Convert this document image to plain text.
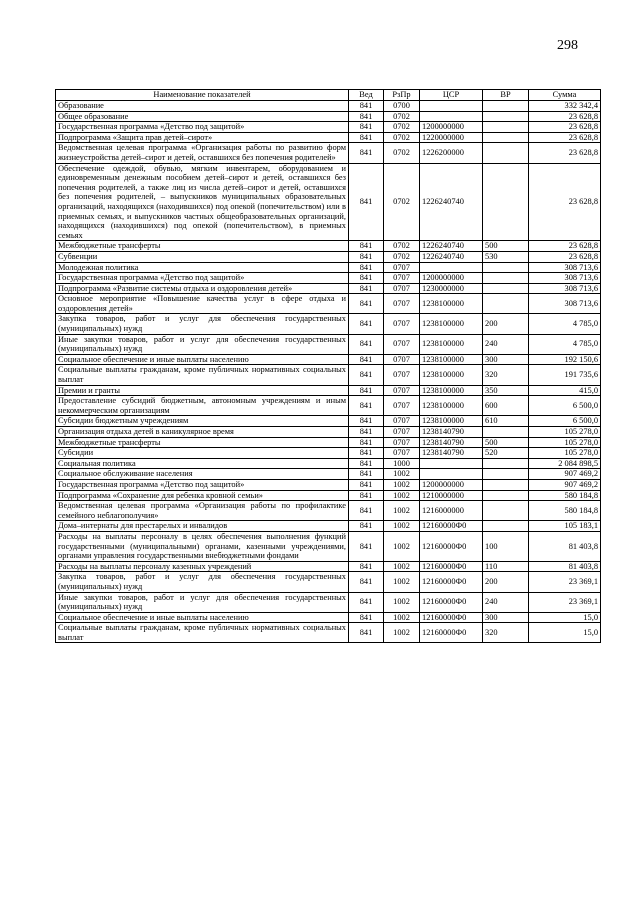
298
Наименование показателей	Вед	РзПр	ЦСР	ВР	Сумма
Образование	841	0700			332 342,4
Общее образование	841	0702			23 628,8
Государственная программа «Детство под защитой»	841	0702	1200000000		23 628,8
Подпрограмма «Защита прав детей–сирот»	841	0702	1220000000		23 628,8
Ведомственная целевая программа «Организация работы по развитию форм жизнеустройства детей–сирот и детей, оставшихся без попечения родителей»	841	0702	1226200000		23 628,8
Обеспечение одеждой, обувью, мягким инвентарем, оборудованием и единовременным денежным пособием детей–сирот и детей, оставшихся без попечения родителей, а также лиц из числа детей–сирот и детей, оставшихся без попечения родителей, – выпускников муниципальных образовательных организаций, находящихся (находившихся) под опекой (попечительством) или в приемных семьях, и выпускников частных общеобразовательных организаций, находящихся (находившихся) под опекой (попечительством), в приемных семьях	841	0702	1226240740		23 628,8
Межбюджетные трансферты	841	0702	1226240740	500	23 628,8
Субвенции	841	0702	1226240740	530	23 628,8
Молодежная политика	841	0707			308 713,6
Государственная программа «Детство под защитой»	841	0707	1200000000		308 713,6
Подпрограмма «Развитие системы отдыха и оздоровления детей»	841	0707	1230000000		308 713,6
Основное мероприятие «Повышение качества услуг в сфере отдыха и оздоровления детей»	841	0707	1238100000		308 713,6
Закупка товаров, работ и услуг для обеспечения государственных (муниципальных) нужд	841	0707	1238100000	200	4 785,0
Иные закупки товаров, работ и услуг для обеспечения государственных (муниципальных) нужд	841	0707	1238100000	240	4 785,0
Социальное обеспечение и иные выплаты населению	841	0707	1238100000	300	192 150,6
Социальные выплаты гражданам, кроме публичных нормативных социальных выплат	841	0707	1238100000	320	191 735,6
Премии и гранты	841	0707	1238100000	350	415,0
Предоставление субсидий бюджетным, автономным учреждениям и иным некоммерческим организациям	841	0707	1238100000	600	6 500,0
Субсидии бюджетным учреждениям	841	0707	1238100000	610	6 500,0
Организация отдыха детей в каникулярное время	841	0707	1238140790		105 278,0
Межбюджетные трансферты	841	0707	1238140790	500	105 278,0
Субсидии	841	0707	1238140790	520	105 278,0
Социальная политика	841	1000			2 084 898,5
Социальное обслуживание населения	841	1002			907 469,2
Государственная программа «Детство под защитой»	841	1002	1200000000		907 469,2
Подпрограмма «Сохранение для ребенка кровной семьи»	841	1002	1210000000		580 184,8
Ведомственная целевая программа «Организация работы по профилактике семейного неблагополучия»	841	1002	1216000000		580 184,8
Дома–интернаты для престарелых и инвалидов	841	1002	12160000Ф0		105 183,1
Расходы на выплаты персоналу в целях обеспечения выполнения функций государственными (муниципальными) органами, казенными учреждениями, органами управления государственными внебюджетными фондами	841	1002	12160000Ф0	100	81 403,8
Расходы на выплаты персоналу казенных учреждений	841	1002	12160000Ф0	110	81 403,8
Закупка товаров, работ и услуг для обеспечения государственных (муниципальных) нужд	841	1002	12160000Ф0	200	23 369,1
Иные закупки товаров, работ и услуг для обеспечения государственных (муниципальных) нужд	841	1002	12160000Ф0	240	23 369,1
Социальное обеспечение и иные выплаты населению	841	1002	12160000Ф0	300	15,0
Социальные выплаты гражданам, кроме публичных нормативных социальных выплат	841	1002	12160000Ф0	320	15,0
